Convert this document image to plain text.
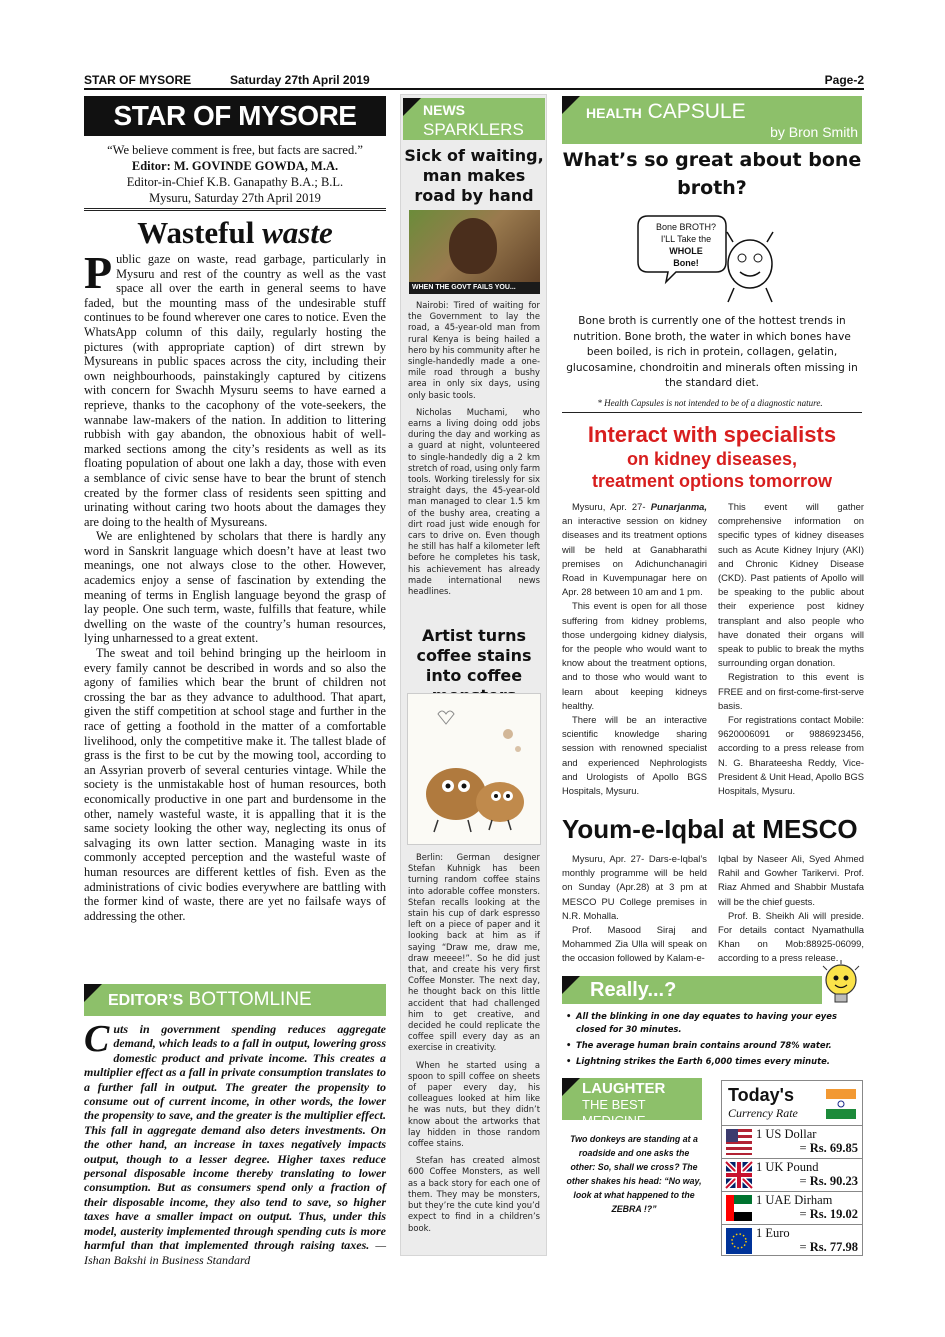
STAR OF MYSORE	Saturday 27th April 2019	Page-2
STAR OF MYSORE
“We believe comment is free, but facts are sacred.”
Editor: M. GOVINDE GOWDA, M.A.
Editor-in-Chief K.B. Ganapathy B.A.; B.L.
Mysuru, Saturday 27th April 2019
Wasteful waste

Public gaze on waste, read garbage, particularly in Mysuru and rest of the country as well as the vast space all over the earth in general seems to have faded, but the mounting mass of the undesirable stuff continues to be found wherever one cares to notice. Even the WhatsApp column of this daily, regularly hosting the pictures (with appropriate caption) of dirt strewn by Mysureans in public spaces across the city, including their own neighbourhoods, painstakingly captured by citizens with concern for Swachh Mysuru seems to have earned a reprieve, thanks to the cacophony of the vote-seekers, the wannabe law-makers of the nation. In addition to littering rubbish with gay abandon, the obnoxious habit of well-marked sections among the city’s residents as well as its floating population of about one lakh a day, those with even a semblance of civic sense have to bear the brunt of stench created by the former class of residents seen spitting and urinating without caring two hoots about the damages they are doing to the health of Mysureans.

We are enlightened by scholars that there is hardly any word in Sanskrit language which doesn’t have at least two meanings, one not always close to the other. However, academics enjoy a sense of fascination by extending the meaning of terms in English language beyond the grasp of lay people. One such term, waste, fulfills that feature, while dwelling on the waste of the country’s human resources, lying unharnessed to a great extent.

The sweat and toil behind bringing up the heirloom in every family cannot be described in words and so also the agony of families which bear the brunt of children not crossing the bar as they advance to adulthood. That apart, given the stiff competition at school stage and further in the race of getting a foothold in the matter of a comfortable livelihood, only the competitive make it. The tallest blade of grass is the first to be cut by the mowing tool, according to an Assyrian proverb of several centuries vintage. While the society is the unmistakable host of human resources, both economically productive in one part and burdensome in the other, namely wasteful waste, it is appalling that it is the same society looking the other way, neglecting its onus of salvaging its own latter section. Managing waste in its commonly accepted perception and the wasteful waste of human resources are different kettles of fish. Even as the administrations of civic bodies everywhere are battling with the former kind of waste, there are yet no failsafe ways of addressing the other.

EDITOR’S BOTTOMLINE
Cuts in government spending reduces aggregate demand, which leads to a fall in output, lowering gross domestic product and private income. This creates a multiplier effect as a fall in private consumption translates to a further fall in output. The greater the propensity to consume out of current income, in other words, the lower the propensity to save, and the greater is the multiplier effect. This fall in aggregate demand also deters investments. On the other hand, an increase in taxes negatively impacts output, though to a lesser degree. Higher taxes reduce personal disposable income thereby translating to lower consumption. But as consumers spend only a fraction of their disposable income, they also tend to save, so higher taxes have a smaller impact on output. Thus, under this model, austerity implemented through spending cuts is more harmful than that implemented through raising taxes. —Ishan Bakshi in Business Standard
NEWS
SPARKLERS
Sick of waiting, man makes road by hand
WHEN THE GOVT FAILS YOU...

Nairobi: Tired of waiting for the Government to lay the road, a 45-year-old man from rural Kenya is being hailed a hero by his community after he single-handedly made a one-mile road through a bushy area in only six days, using only basic tools.

Nicholas Muchami, who earns a living doing odd jobs during the day and working as a guard at night, volunteered to single-handedly dig a 2 km stretch of road, using only farm tools. Working tirelessly for six straight days, the 45-year-old man managed to clear 1.5 km of the bushy area, creating a dirt road just wide enough for cars to drive on. Even though he still has half a kilometer left before he completes his task, his achievement has already made international news headlines.

Artist turns coffee stains into coffee

Berlin: German designer Stefan Kuhnigk has been turning random coffee stains into adorable coffee monsters. Stefan recalls looking at the stain his cup of dark espresso left on a piece of paper and it looking back at him as if saying “Draw me, draw me, draw meeee!”. So he did just that, and create his very first Coffee Monster. The next day, he thought back on this little accident that had challenged him to get creative, and decided he could replicate the coffee spill every day as an exercise in creativity.

When he started using a spoon to spill coffee on sheets of paper every day, his colleagues looked at him like he was nuts, but they didn’t know about the artworks that lay hidden in those random coffee stains.

Stefan has created almost 600 Coffee Monsters, as well as a back story for each one of them. They may be monsters, but they’re the cute kind you’d expect to find in a children’s book.

HEALTH CAPSULE
by Bron Smith
What’s so great about bone broth?
Bone BROTH?
I'LL Take the
WHOLE
Bone!
Bone broth is currently one of the hottest trends in nutrition. Bone broth, the water in which bones have been boiled, is rich in protein, collagen, gelatin, glucosamine, chondroitin and minerals often missing in the standard diet.
* Health Capsules is not intended to be of a diagnostic nature.
Interact with specialists
on kidney diseases,
treatment options tomorrow

Mysuru, Apr. 27- Punarjanma, an interactive session on kidney diseases and its treatment options will be held at Ganabharathi premises on Adichunchanagiri Road in Kuvempunagar here on Apr. 28 between 10 am and 1 pm.

This event is open for all those suffering from kidney problems, those undergoing kidney dialysis, for the people who would want to know about the treatment options, and to those who would want to learn about keeping kidneys healthy.

There will be an interactive scientific knowledge sharing session with renowned specialist and experienced Nephrologists and Urologists of Apollo BGS Hospitals, Mysuru.

This event will gather comprehensive information on specific types of kidney diseases such as Acute Kidney Injury (AKI) and Chronic Kidney Disease (CKD). Past patients of Apollo will be speaking to the public about their experience post kidney transplant and also people who have donated their organs will speak to public to break the myths surrounding organ donation.

Registration to this event is FREE and on first-come-first-serve basis.

For registrations contact Mobile: 9620006091 or 9886923456, according to a press release from N. G. Bharateesha Reddy, Vice-President & Unit Head, Apollo BGS Hospitals, Mysuru.

Youm-e-Iqbal at MESCO

Mysuru, Apr. 27- Dars-e-Iqbal’s monthly programme will be held on Sunday (Apr.28) at 3 pm at MESCO PU College premises in N.R. Mohalla.

Prof. Masood Siraj and Mohammed Zia Ulla will speak on the occasion followed by Kalam-e-

Iqbal by Naseer Ali, Syed Ahmed Rahil and Gowher Tarikervi. Prof. Riaz Ahmed and Shabbir Mustafa will be the chief guests.

Prof. B. Sheikh Ali will preside. For details contact Nyamathulla Khan on Mob:88925-06099, according to a press release.

Really...?
• All the blinking in one day equates to having your eyes closed for 30 minutes.
• The average human brain contains around 78% water.
• Lightning strikes the Earth 6,000 times every minute.
LAUGHTER
THE BEST MEDICINE
Two donkeys are standing at a roadside and one asks the other: So, shall we cross? The other shakes his head: “No way, look at what happened to the ZEBRA !?”
Today's
Currency Rate
1 US Dollar
= Rs. 69.85
1 UK Pound
= Rs. 90.23
1 UAE Dirham
= Rs. 19.02
1 Euro
= Rs. 77.98
